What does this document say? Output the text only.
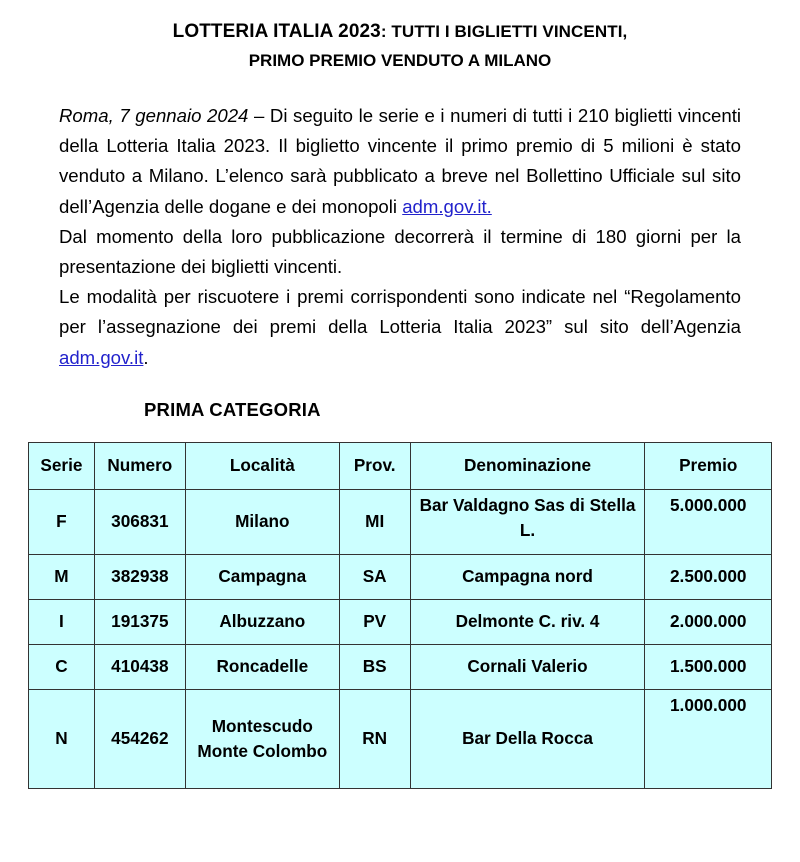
LOTTERIA ITALIA 2023: TUTTI I BIGLIETTI VINCENTI,
PRIMO PREMIO VENDUTO A MILANO

Roma, 7 gennaio 2024 – Di seguito le serie e i numeri di tutti i 210 biglietti vincenti della Lotteria Italia 2023. Il biglietto vincente il primo premio di 5 milioni è stato venduto a Milano. L’elenco sarà pubblicato a breve nel Bollettino Ufficiale sul sito dell’Agenzia delle dogane e dei monopoli adm.gov.it.

Dal momento della loro pubblicazione decorrerà il termine di 180 giorni per la presentazione dei biglietti vincenti.

Le modalità per riscuotere i premi corrispondenti sono indicate nel “Regolamento per l’assegnazione dei premi della Lotteria Italia 2023” sul sito dell’Agenzia adm.gov.it.

PRIMA CATEGORIA
Serie	Numero	Località	Prov.	Denominazione	Premio
F	306831	Milano	MI	Bar Valdagno Sas di Stella L.	5.000.000
M	382938	Campagna	SA	Campagna nord	2.500.000
I	191375	Albuzzano	PV	Delmonte C. riv. 4	2.000.000
C	410438	Roncadelle	BS	Cornali Valerio	1.500.000
N	454262	Montescudo Monte Colombo	RN	Bar Della Rocca	1.000.000
